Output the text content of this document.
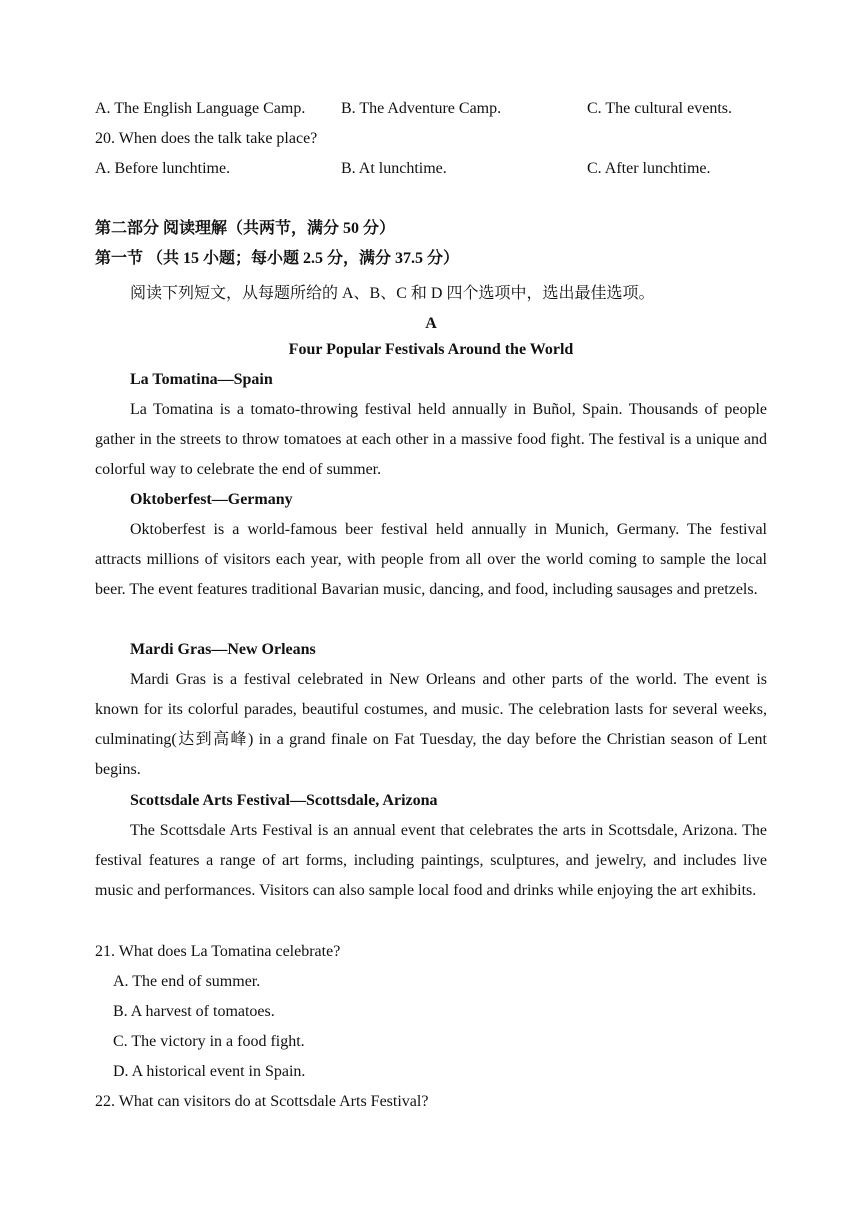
A. The English Language Camp. B. The Adventure Camp.	C. The cultural events.
20. When does the talk take place?
A. Before lunchtime.	B. At lunchtime.	C. After lunchtime.
第二部分 阅读理解（共两节，满分 50 分）
第一节 （共 15 小题；每小题 2.5 分，满分 37.5 分）
阅读下列短文，从每题所给的 A、B、C 和 D 四个选项中，选出最佳选项。
A
Four Popular Festivals Around the World
La Tomatina—Spain

La Tomatina is a tomato-throwing festival held annually in Buñol, Spain. Thousands of people gather in the streets to throw tomatoes at each other in a massive food fight. The festival is a unique and colorful way to celebrate the end of summer.

Oktoberfest—Germany

Oktoberfest is a world-famous beer festival held annually in Munich, Germany. The festival attracts millions of visitors each year, with people from all over the world coming to sample the local beer. The event features traditional Bavarian music, dancing, and food, including sausages and pretzels.

Mardi Gras—New Orleans

Mardi Gras is a festival celebrated in New Orleans and other parts of the world. The event is known for its colorful parades, beautiful costumes, and music. The celebration lasts for several weeks, culminating(达到高峰) in a grand finale on Fat Tuesday, the day before the Christian season of Lent begins.

Scottsdale Arts Festival—Scottsdale, Arizona

The Scottsdale Arts Festival is an annual event that celebrates the arts in Scottsdale, Arizona. The festival features a range of art forms, including paintings, sculptures, and jewelry, and includes live music and performances. Visitors can also sample local food and drinks while enjoying the art exhibits.

21. What does La Tomatina celebrate?
A. The end of summer.
B. A harvest of tomatoes.
C. The victory in a food fight.
D. A historical event in Spain.
22. What can visitors do at Scottsdale Arts Festival?
